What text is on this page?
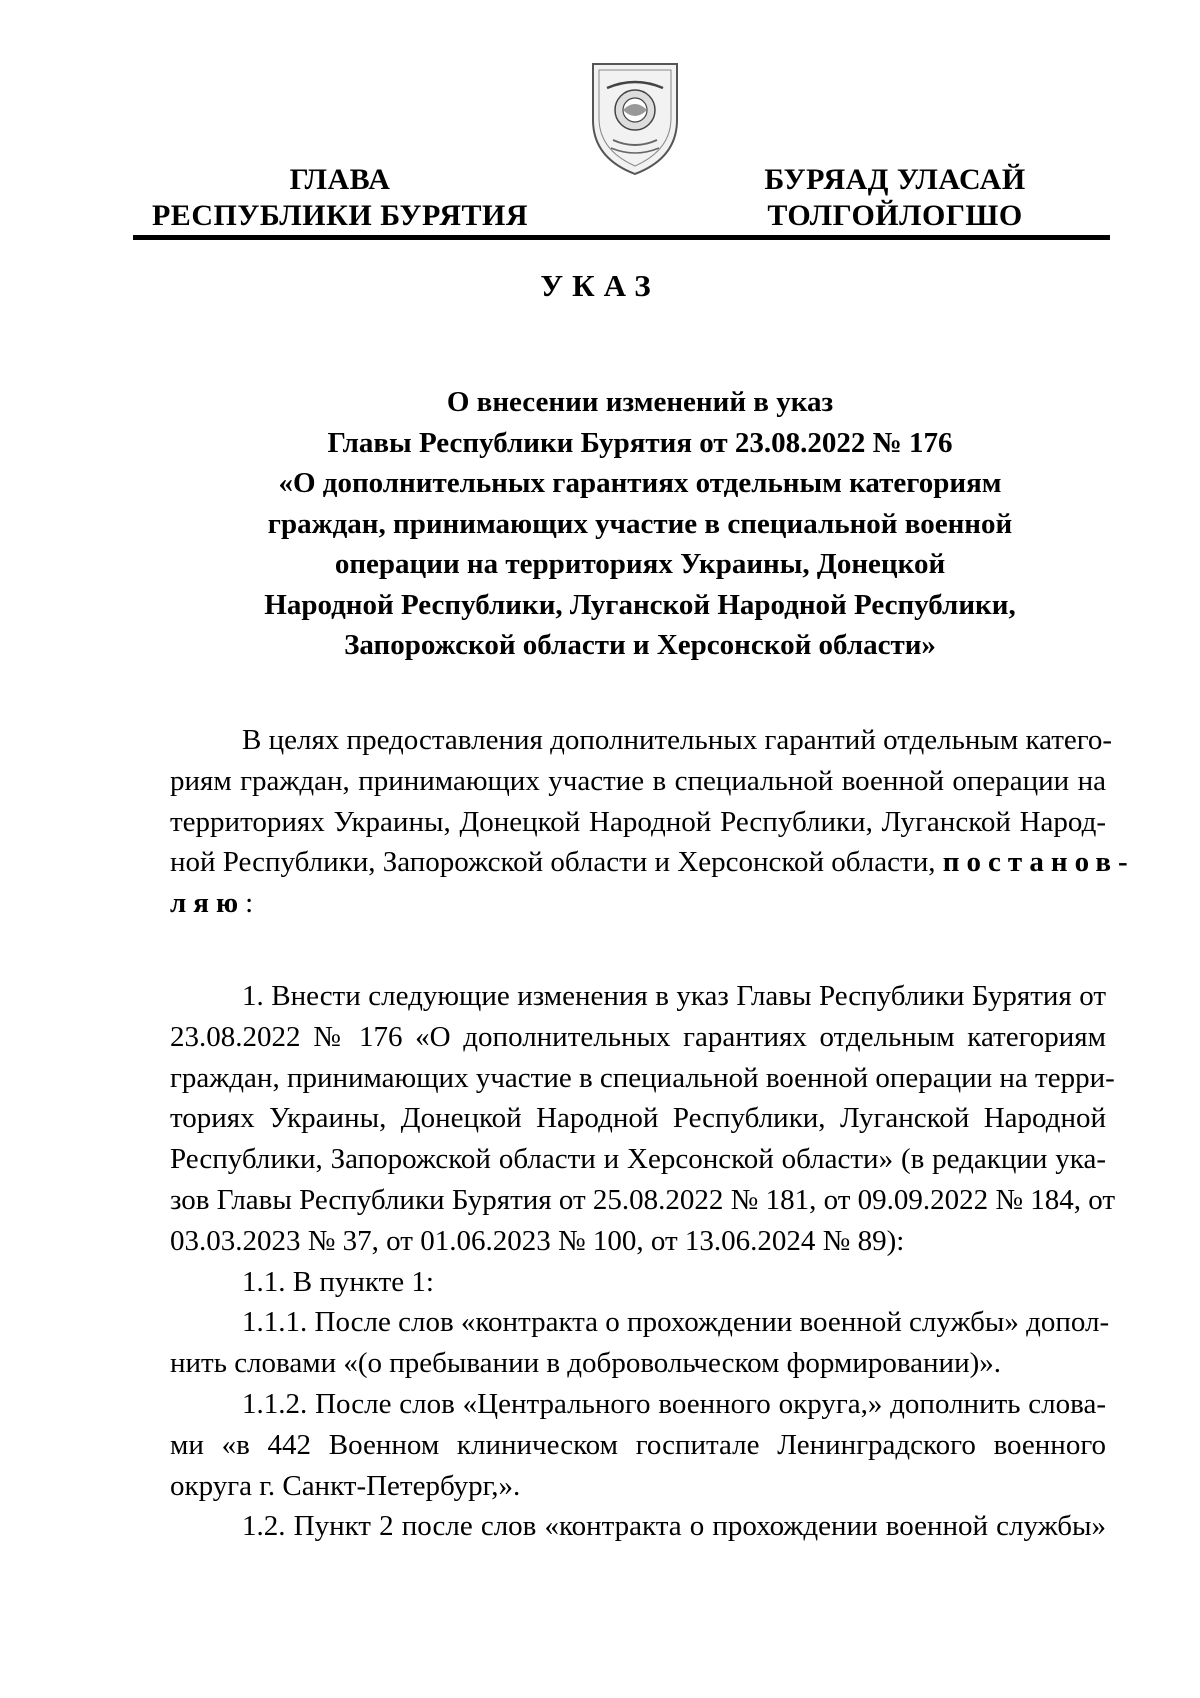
ГЛАВА
РЕСПУБЛИКИ БУРЯТИЯ
БУРЯАД УЛАСАЙ
ТОЛГОЙЛОГШО
УКАЗ
О внесении изменений в указ
Главы Республики Бурятия от 23.08.2022 № 176
«О дополнительных гарантиях отдельным категориям
граждан, принимающих участие в специальной военной
операции на территориях Украины, Донецкой
Народной Республики, Луганской Народной Республики,
Запорожской области и Херсонской области»
В целях предоставления дополнительных гарантий отдельным катего-
риям граждан, принимающих участие в специальной военной операции на
территориях Украины, Донецкой Народной Республики, Луганской Народ-
ной Республики, Запорожской области и Херсонской области, постанов-
ляю:
1. Внести следующие изменения в указ Главы Республики Бурятия от
23.08.2022 № 176 «О дополнительных гарантиях отдельным категориям
граждан, принимающих участие в специальной военной операции на терри-
ториях Украины, Донецкой Народной Республики, Луганской Народной
Республики, Запорожской области и Херсонской области» (в редакции ука-
зов Главы Республики Бурятия от 25.08.2022 № 181, от 09.09.2022 № 184, от
03.03.2023 № 37, от 01.06.2023 № 100, от 13.06.2024 № 89):
1.1. В пункте 1:
1.1.1. После слов «контракта о прохождении военной службы» допол-
нить словами «(о пребывании в добровольческом формировании)».
1.1.2. После слов «Центрального военного округа,» дополнить слова-
ми «в 442 Военном клиническом госпитале Ленинградского военного
округа г. Санкт-Петербург,».
1.2. Пункт 2 после слов «контракта о прохождении военной службы»
